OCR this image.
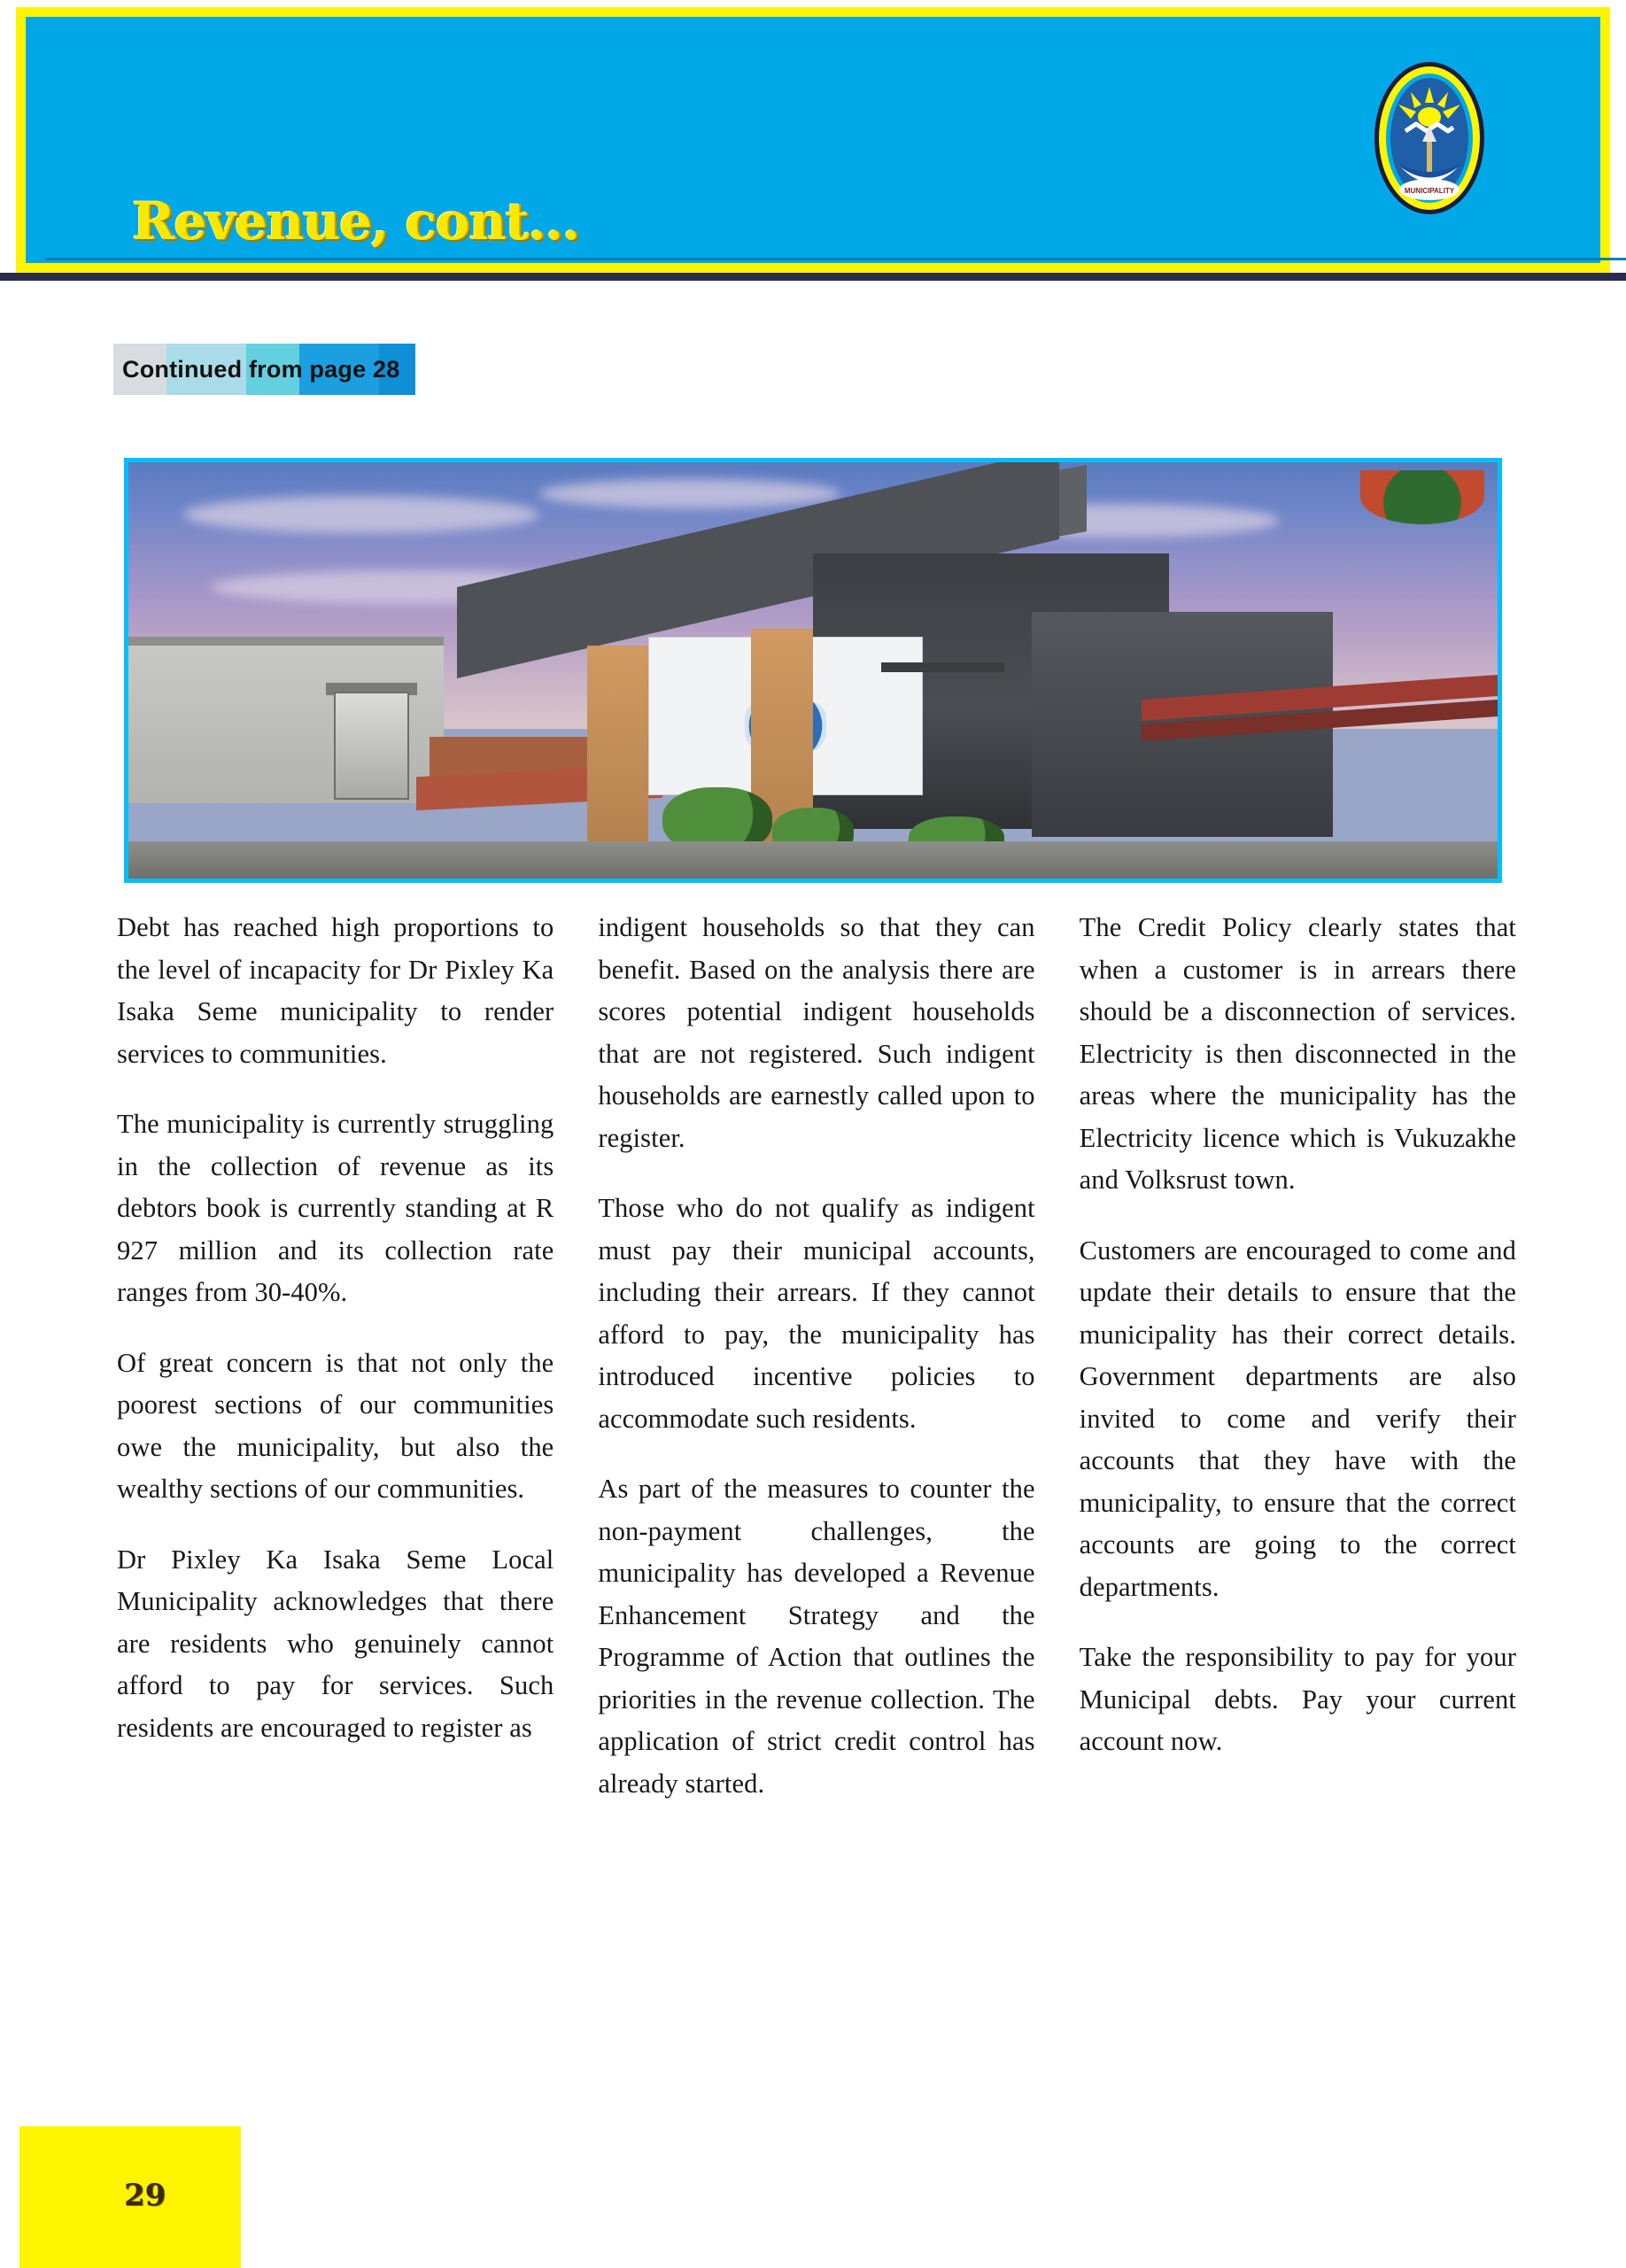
Revenue, cont...
MUNICIPALITY
Continued from page 28

Debt has reached high proportions to the level of incapacity for Dr Pixley Ka Isaka Seme municipality to render services to communities.

The municipality is currently struggling in the collection of revenue as its debtors book is currently standing at R 927 million and its collection rate ranges from 30-40%.

Of great concern is that not only the poorest sections of our communities owe the municipality, but also the wealthy sections of our communities.

Dr Pixley Ka Isaka Seme Local Municipality acknowledges that there are residents who genuinely cannot afford to pay for services. Such residents are encouraged to register as

indigent households so that they can benefit. Based on the analysis there are scores potential indigent households that are not registered. Such indigent households are earnestly called upon to register.

Those who do not qualify as indigent must pay their municipal accounts, including their arrears. If they cannot afford to pay, the municipality has introduced incentive policies to accommodate such residents.

As part of the measures to counter the non-payment challenges, the municipality has developed a Revenue Enhancement Strategy and the Programme of Action that outlines the priorities in the revenue collection. The application of strict credit control has already started.

The Credit Policy clearly states that when a customer is in arrears there should be a disconnection of services. Electricity is then disconnected in the areas where the municipality has the Electricity licence which is Vukuzakhe and Volksrust town.

Customers are encouraged to come and update their details to ensure that the municipality has their correct details. Government departments are also invited to come and verify their accounts that they have with the municipality, to ensure that the correct accounts are going to the correct departments.

Take the responsibility to pay for your Municipal debts. Pay your current account now.

29
